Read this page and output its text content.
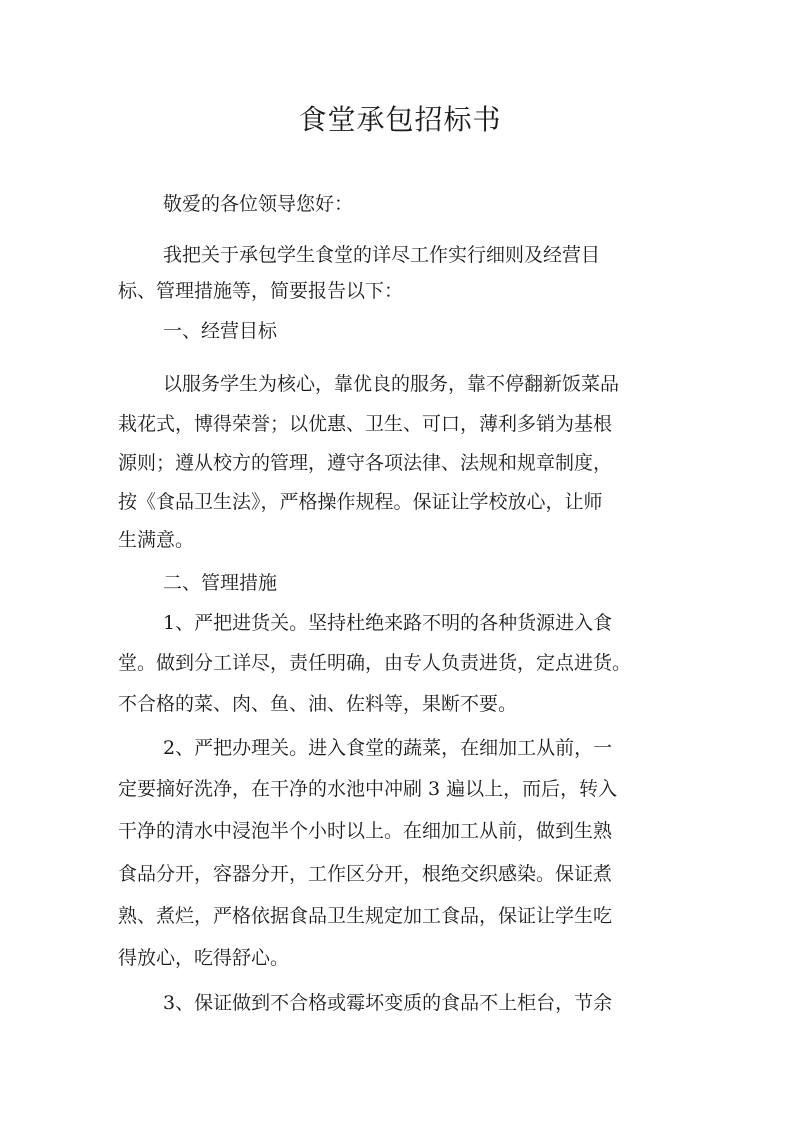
食堂承包招标书
敬爱的各位领导您好：
我把关于承包学生食堂的详尽工作实行细则及经营目
标、管理措施等，简要报告以下：
一、经营目标
以服务学生为核心，靠优良的服务，靠不停翻新饭菜品
栽花式，博得荣誉；以优惠、卫生、可口，薄利多销为基根
源则；遵从校方的管理，遵守各项法律、法规和规章制度，
按《食品卫生法》，严格操作规程。保证让学校放心，让师
生满意。
二、管理措施
1、严把进货关。坚持杜绝来路不明的各种货源进入食
堂。做到分工详尽，责任明确，由专人负责进货，定点进货。
不合格的菜、肉、鱼、油、佐料等，果断不要。
2、严把办理关。进入食堂的蔬菜，在细加工从前，一
定要摘好洗净，在干净的水池中冲刷 3 遍以上，而后，转入
干净的清水中浸泡半个小时以上。在细加工从前，做到生熟
食品分开，容器分开，工作区分开，根绝交织感染。保证煮
熟、煮烂，严格依据食品卫生规定加工食品，保证让学生吃
得放心，吃得舒心。
3、保证做到不合格或霉坏变质的食品不上柜台，节余
